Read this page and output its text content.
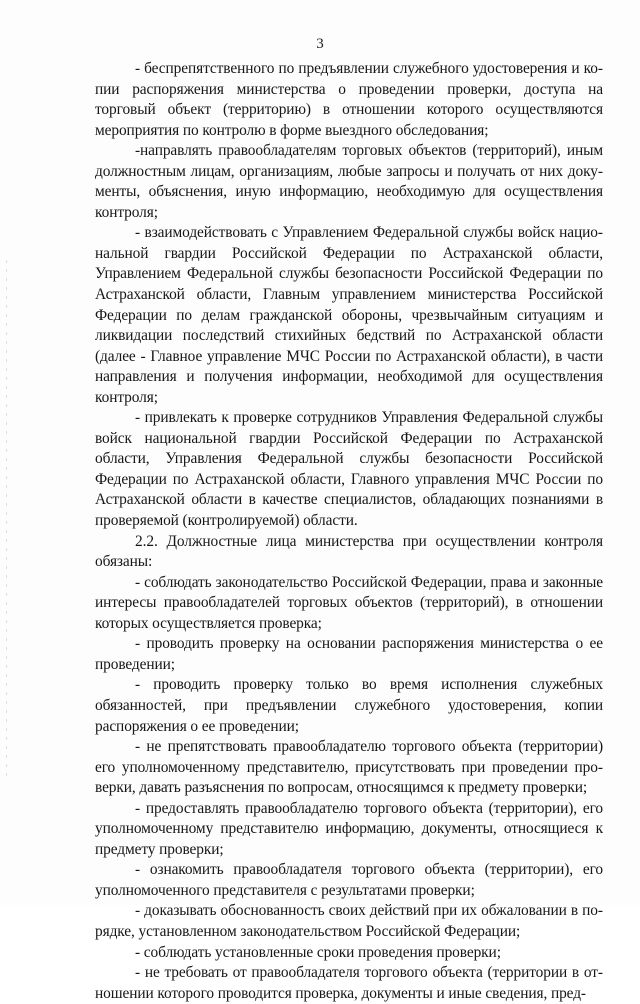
3

- беспрепятственного по предъявлении служебного удостоверения и копии распоряжения министерства о проведении проверки, доступа на торговый объект (территорию) в отношении которого осуществляются мероприятия по контролю в форме выездного обследования;

-направлять правообладателям торговых объектов (территорий), иным должностным лицам, организациям, любые запросы и получать от них документы, объяснения, иную информацию, необходимую для осуществления контроля;

- взаимодействовать с Управлением Федеральной службы войск национальной гвардии Российской Федерации по Астраханской области, Управлением Федеральной службы безопасности Российской Федерации по Астраханской области, Главным управлением министерства Российской Федерации по делам гражданской обороны, чрезвычайным ситуациям и ликвидации последствий стихийных бедствий по Астраханской области (далее - Главное управление МЧС России по Астраханской области), в части направления и получения информации, необходимой для осуществления контроля;

- привлекать к проверке сотрудников Управления Федеральной службы войск национальной гвардии Российской Федерации по Астраханской области, Управления Федеральной службы безопасности Российской Федерации по Астраханской области, Главного управления МЧС России по Астраханской области в качестве специалистов, обладающих познаниями в проверяемой (контролируемой) области.

2.2. Должностные лица министерства при осуществлении контроля обязаны:

- соблюдать законодательство Российской Федерации, права и законные интересы правообладателей торговых объектов (территорий), в отношении которых осуществляется проверка;

- проводить проверку на основании распоряжения министерства о ее проведении;

- проводить проверку только во время исполнения служебных обязанностей, при предъявлении служебного удостоверения, копии распоряжения о ее проведении;

- не препятствовать правообладателю торгового объекта (территории) его уполномоченному представителю, присутствовать при проведении проверки, давать разъяснения по вопросам, относящимся к предмету проверки;

- предоставлять правообладателю торгового объекта (территории), его уполномоченному представителю информацию, документы, относящиеся к предмету проверки;

- ознакомить правообладателя торгового объекта (территории), его уполномоченного представителя с результатами проверки;

- доказывать обоснованность своих действий при их обжаловании в порядке, установленном законодательством Российской Федерации;

- соблюдать установленные сроки проведения проверки;

- не требовать от правообладателя торгового объекта (территории в отношении которого проводится проверка, документы и иные сведения, пред-
